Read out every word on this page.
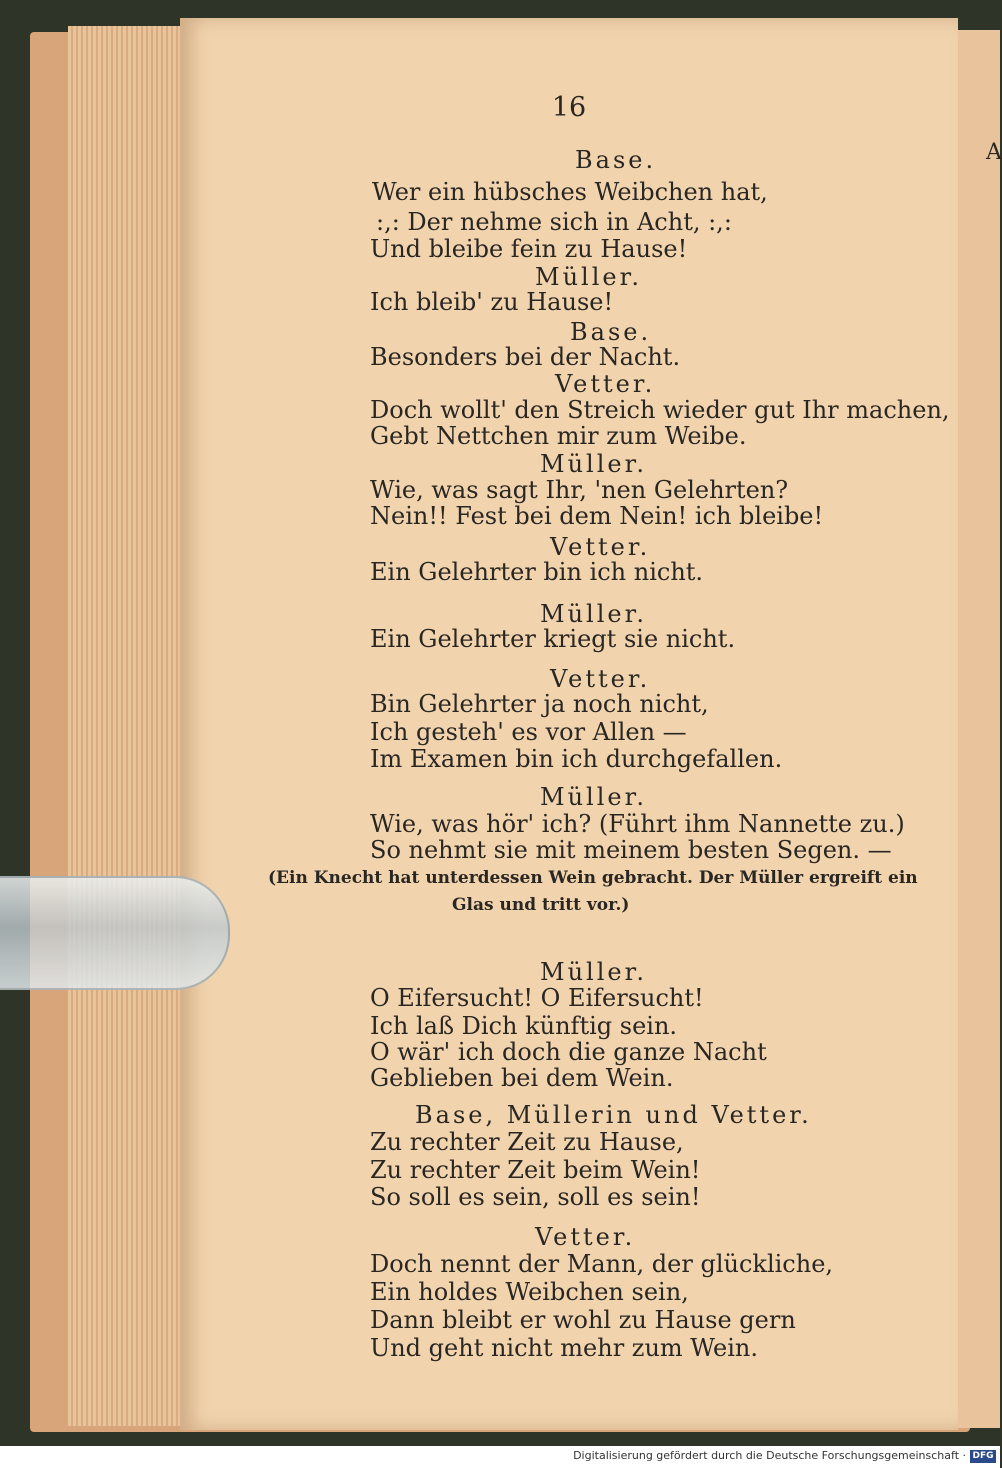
A
16
Base.
Wer ein hübsches Weibchen hat,
:,: Der nehme sich in Acht, :,:
Und bleibe fein zu Hause!
Müller.
Ich bleib' zu Hause!
Base.
Besonders bei der Nacht.
Vetter.
Doch wollt' den Streich wieder gut Ihr machen,
Gebt Nettchen mir zum Weibe.
Müller.
Wie, was sagt Ihr, 'nen Gelehrten?
Nein!! Fest bei dem Nein! ich bleibe!
Vetter.
Ein Gelehrter bin ich nicht.
Müller.
Ein Gelehrter kriegt sie nicht.
Vetter.
Bin Gelehrter ja noch nicht,
Ich gesteh' es vor Allen —
Im Examen bin ich durchgefallen.
Müller.
Wie, was hör' ich? (Führt ihm Nannette zu.)
So nehmt sie mit meinem besten Segen. —
(Ein Knecht hat unterdessen Wein gebracht. Der Müller ergreift ein
Glas und tritt vor.)
Müller.
O Eifersucht! O Eifersucht!
Ich laß Dich künftig sein.
O wär' ich doch die ganze Nacht
Geblieben bei dem Wein.
Base, Müllerin und Vetter.
Zu rechter Zeit zu Hause,
Zu rechter Zeit beim Wein!
So soll es sein, soll es sein!
Vetter.
Doch nennt der Mann, der glückliche,
Ein holdes Weibchen sein,
Dann bleibt er wohl zu Hause gern
Und geht nicht mehr zum Wein.
Digitalisierung gefördert durch die Deutsche Forschungsgemeinschaft · DFG
